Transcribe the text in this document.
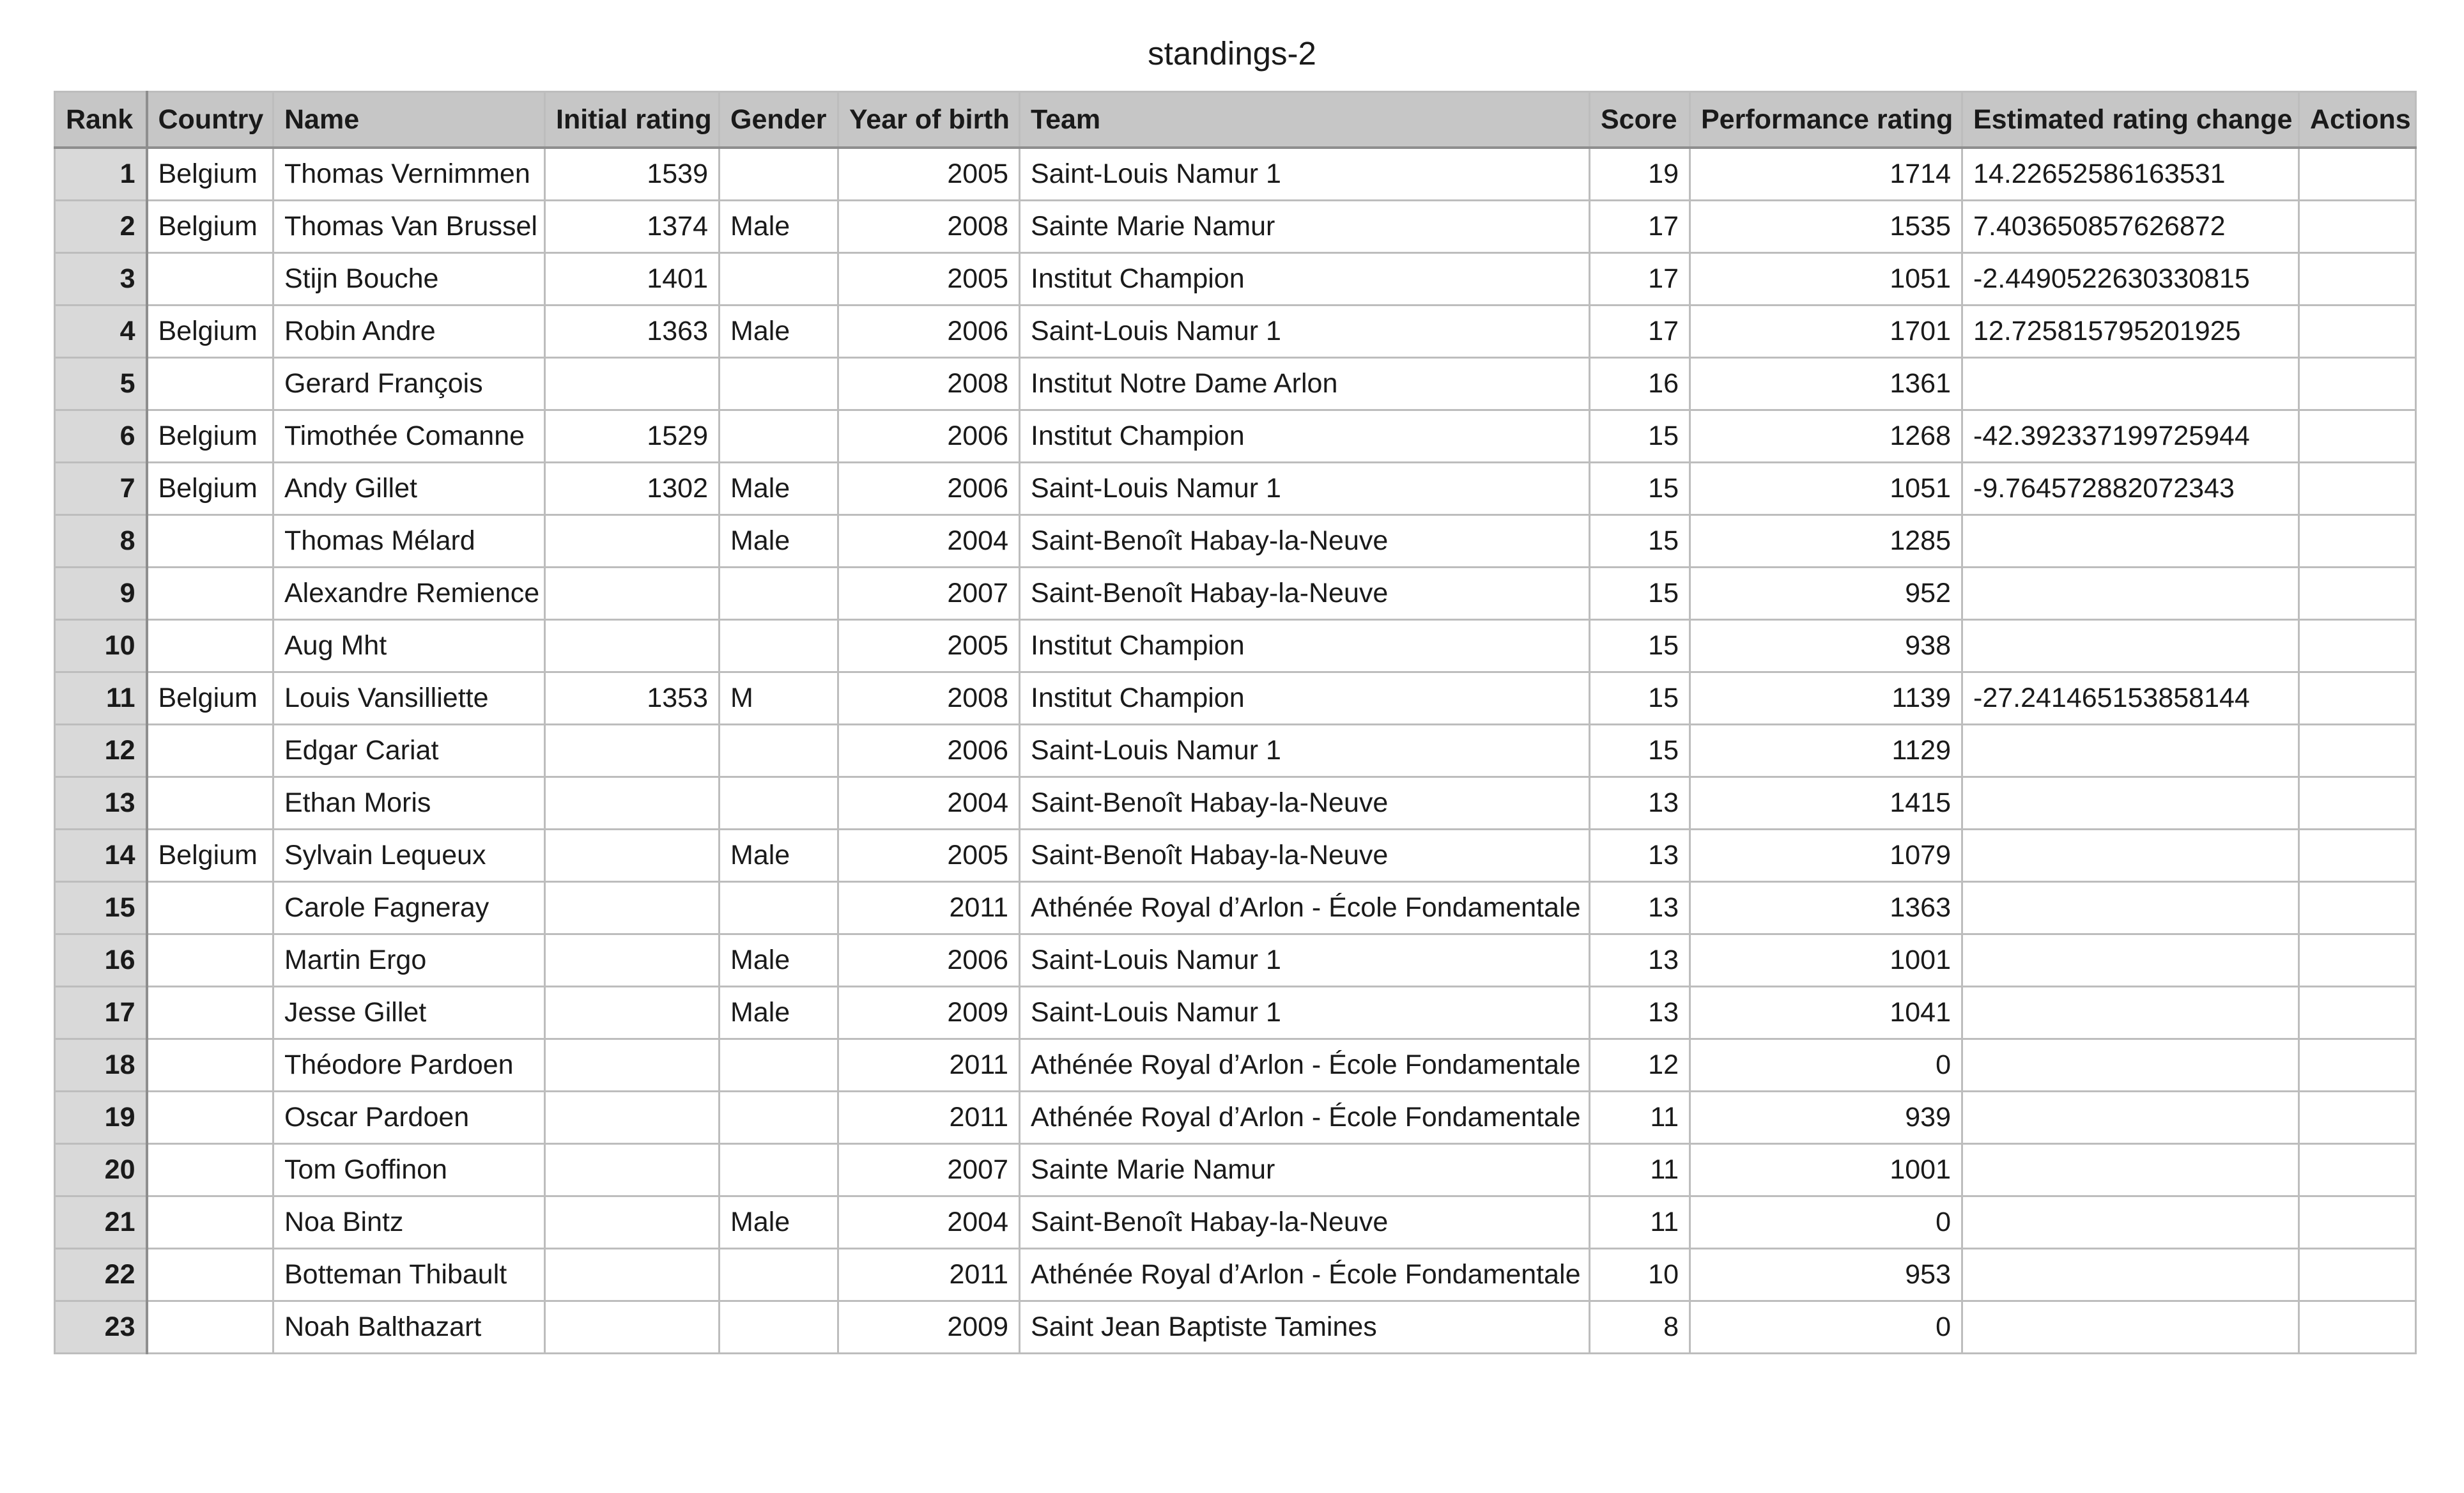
standings-2
Rank	Country	Name	Initial rating	Gender	Year of birth	Team	Score	Performance rating	Estimated rating change	Actions
1	Belgium	Thomas Vernimmen	1539		2005	Saint-Louis Namur 1	19	1714	14.22652586163531	
2	Belgium	Thomas Van Brussel	1374	Male	2008	Sainte Marie Namur	17	1535	7.403650857626872	
3		Stijn Bouche	1401		2005	Institut Champion	17	1051	-2.4490522630330815	
4	Belgium	Robin Andre	1363	Male	2006	Saint-Louis Namur 1	17	1701	12.725815795201925	
5		Gerard François			2008	Institut Notre Dame Arlon	16	1361		
6	Belgium	Timothée Comanne	1529		2006	Institut Champion	15	1268	-42.392337199725944	
7	Belgium	Andy Gillet	1302	Male	2006	Saint-Louis Namur 1	15	1051	-9.764572882072343	
8		Thomas Mélard		Male	2004	Saint-Benoît Habay-la-Neuve	15	1285		
9		Alexandre Remience			2007	Saint-Benoît Habay-la-Neuve	15	952		
10		Aug Mht			2005	Institut Champion	15	938		
11	Belgium	Louis Vansilliette	1353	M	2008	Institut Champion	15	1139	-27.241465153858144	
12		Edgar Cariat			2006	Saint-Louis Namur 1	15	1129		
13		Ethan Moris			2004	Saint-Benoît Habay-la-Neuve	13	1415		
14	Belgium	Sylvain Lequeux		Male	2005	Saint-Benoît Habay-la-Neuve	13	1079		
15		Carole Fagneray			2011	Athénée Royal d’Arlon - École Fondamentale	13	1363		
16		Martin Ergo		Male	2006	Saint-Louis Namur 1	13	1001		
17		Jesse Gillet		Male	2009	Saint-Louis Namur 1	13	1041		
18		Théodore Pardoen			2011	Athénée Royal d’Arlon - École Fondamentale	12	0		
19		Oscar Pardoen			2011	Athénée Royal d’Arlon - École Fondamentale	11	939		
20		Tom Goffinon			2007	Sainte Marie Namur	11	1001		
21		Noa Bintz		Male	2004	Saint-Benoît Habay-la-Neuve	11	0		
22		Botteman Thibault			2011	Athénée Royal d’Arlon - École Fondamentale	10	953		
23		Noah Balthazart			2009	Saint Jean Baptiste Tamines	8	0		
